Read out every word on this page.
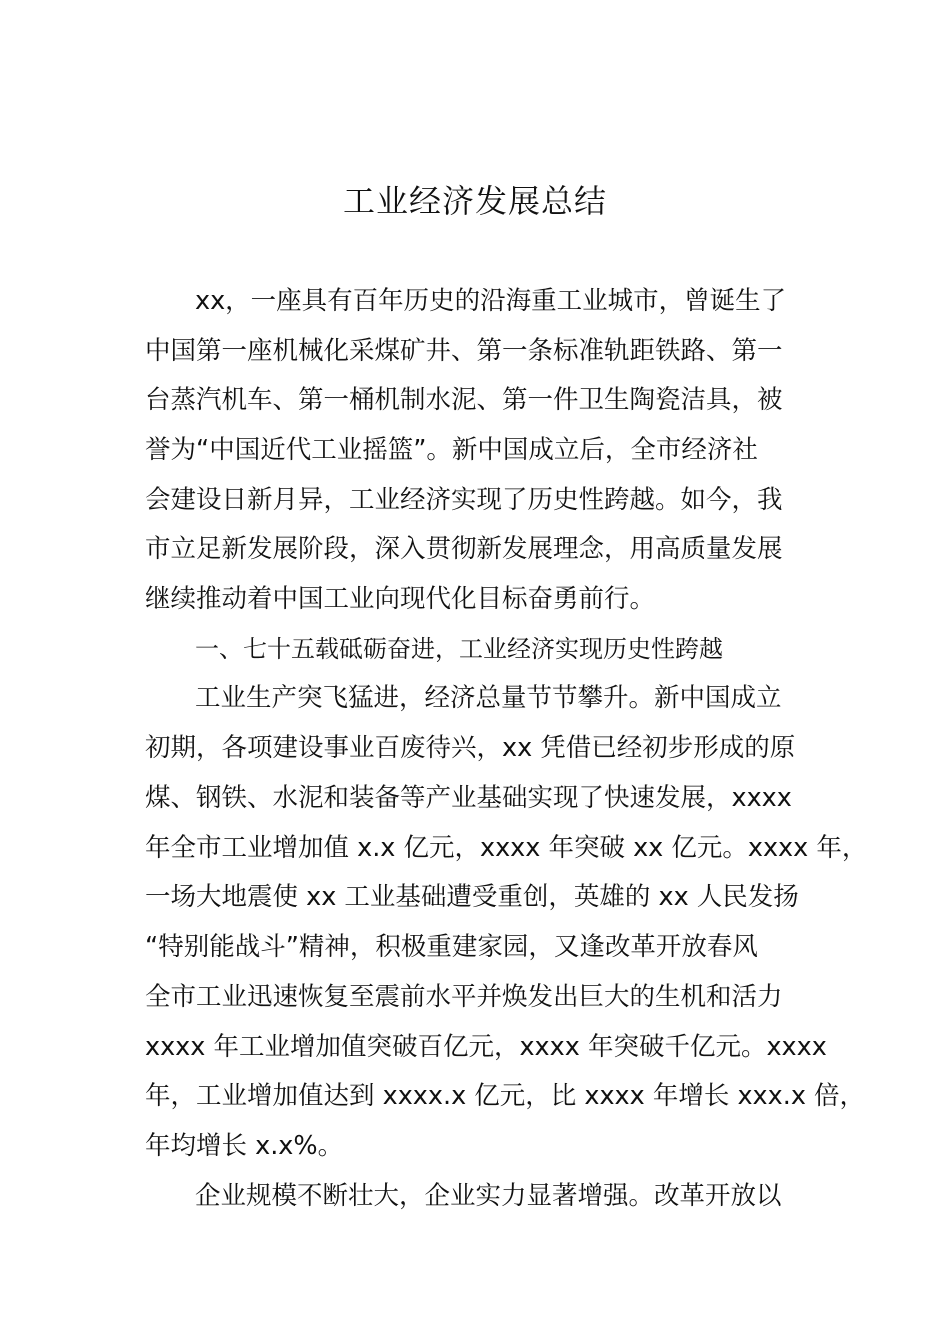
工业经济发展总结

xx，一座具有百年历史的沿海重工业城市，曾诞生了

中国第一座机械化采煤矿井、第一条标准轨距铁路、第一

台蒸汽机车、第一桶机制水泥、第一件卫生陶瓷洁具，被

誉为“中国近代工业摇篮”。新中国成立后，全市经济社

会建设日新月异，工业经济实现了历史性跨越。如今，我

市立足新发展阶段，深入贯彻新发展理念，用高质量发展

继续推动着中国工业向现代化目标奋勇前行。

一、七十五载砥砺奋进，工业经济实现历史性跨越

工业生产突飞猛进，经济总量节节攀升。新中国成立

初期，各项建设事业百废待兴，xx 凭借已经初步形成的原

煤、钢铁、水泥和装备等产业基础实现了快速发展，xxxx

年全市工业增加值 x.x 亿元，xxxx 年突破 xx 亿元。xxxx 年，

一场大地震使 xx 工业基础遭受重创，英雄的 xx 人民发扬

“特别能战斗”精神，积极重建家园，又逢改革开放春风

全市工业迅速恢复至震前水平并焕发出巨大的生机和活力

xxxx 年工业增加值突破百亿元，xxxx 年突破千亿元。xxxx

年，工业增加值达到 xxxx.x 亿元，比 xxxx 年增长 xxx.x 倍，

年均增长 x.x%。

企业规模不断壮大，企业实力显著增强。改革开放以
